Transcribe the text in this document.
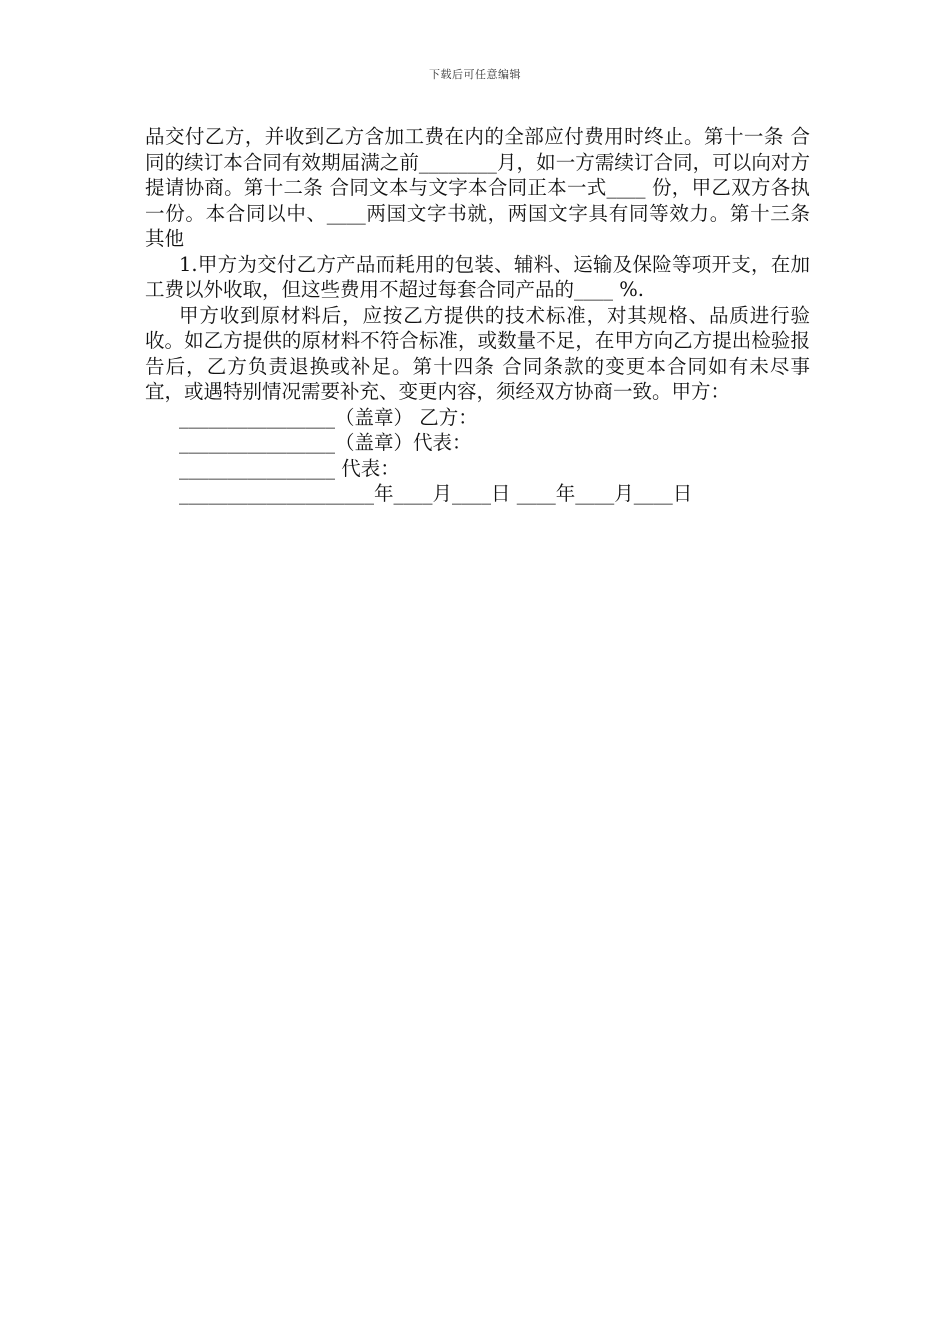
下载后可任意编辑

品交付乙方，并收到乙方含加工费在内的全部应付费用时终止。第十一条 合同的续订本合同有效期届满之前________月，如一方需续订合同，可以向对方提请协商。第十二条 合同文本与文字本合同正本一式____ 份，甲乙双方各执一份。本合同以中、____两国文字书就，两国文字具有同等效力。第十三条 其他

1.甲方为交付乙方产品而耗用的包装、辅料、运输及保险等项开支，在加工费以外收取，但这些费用不超过每套合同产品的____ %.

甲方收到原材料后，应按乙方提供的技术标准，对其规格、品质进行验收。如乙方提供的原材料不符合标准，或数量不足，在甲方向乙方提出检验报告后，乙方负责退换或补足。第十四条 合同条款的变更本合同如有未尽事宜，或遇特别情况需要补充、变更内容，须经双方协商一致。甲方：

________________（盖章） 乙方：

________________（盖章）代表：

________________ 代表：

____________________年____月____日 ____年____月____日
